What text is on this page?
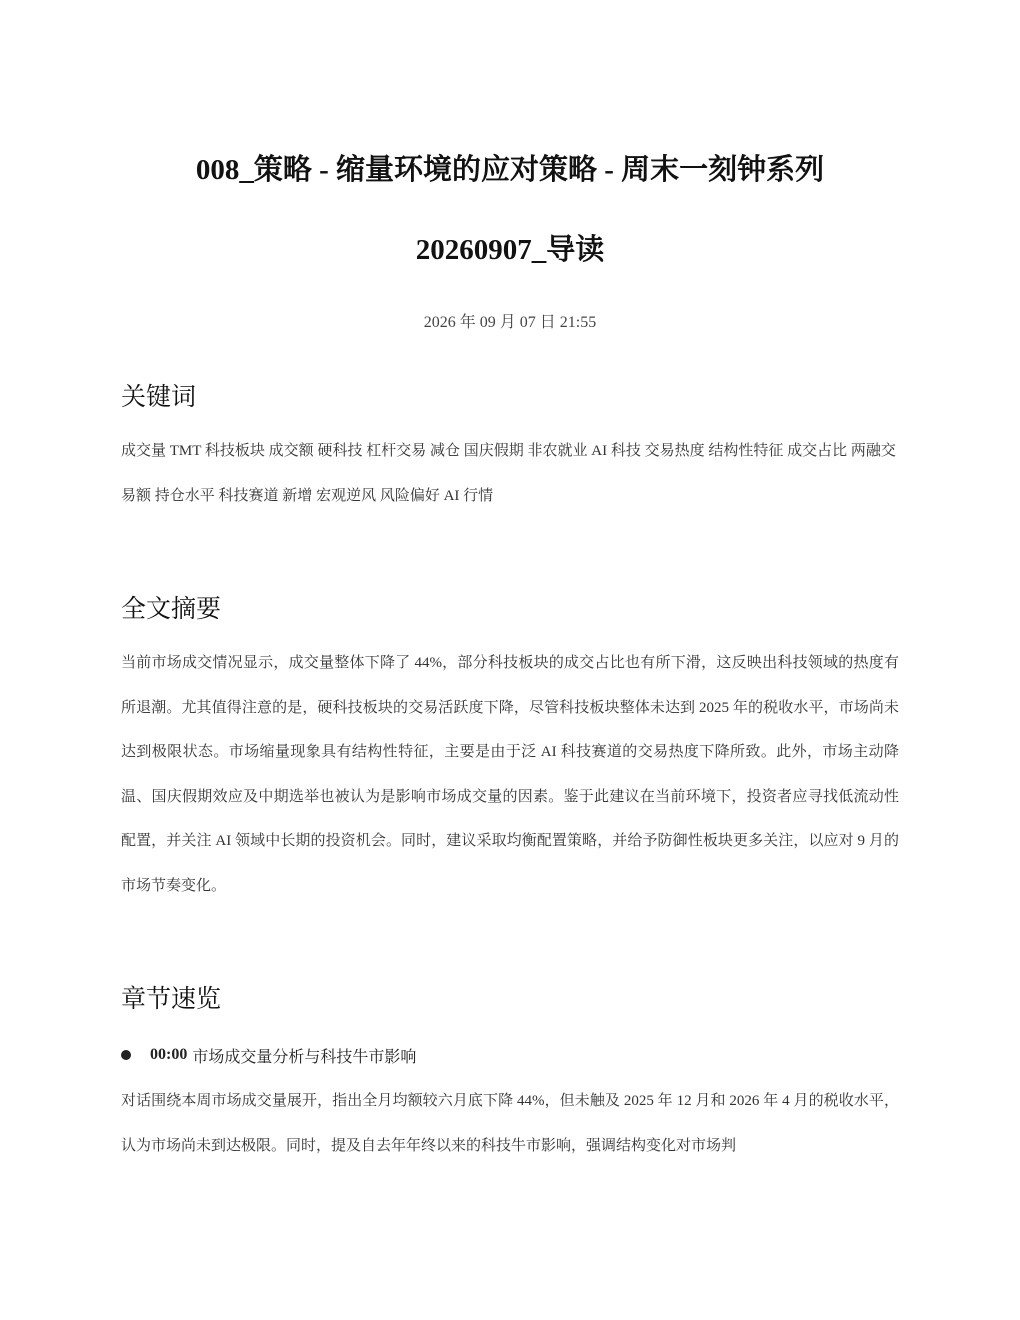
008_策略 - 缩量环境的应对策略 - 周末一刻钟系列
20260907_导读
2026 年 09 月 07 日 21:55
关键词

成交量 TMT 科技板块 成交额 硬科技 杠杆交易 减仓 国庆假期 非农就业 AI 科技 交易热度 结构性特征 成交占比 两融交易额 持仓水平 科技赛道 新增 宏观逆风 风险偏好 AI 行情

全文摘要

当前市场成交情况显示，成交量整体下降了 44%，部分科技板块的成交占比也有所下滑，这反映出科技领域的热度有所退潮。尤其值得注意的是，硬科技板块的交易活跃度下降，尽管科技板块整体未达到 2025 年的税收水平，市场尚未达到极限状态。市场缩量现象具有结构性特征，主要是由于泛 AI 科技赛道的交易热度下降所致。此外，市场主动降温、国庆假期效应及中期选举也被认为是影响市场成交量的因素。鉴于此建议在当前环境下，投资者应寻找低流动性配置，并关注 AI 领域中长期的投资机会。同时，建议采取均衡配置策略，并给予防御性板块更多关注，以应对 9 月的市场节奏变化。

章节速览
00:00 市场成交量分析与科技牛市影响

对话围绕本周市场成交量展开，指出全月均额较六月底下降 44%，但未触及 2025 年 12 月和 2026 年 4 月的税收水平，认为市场尚未到达极限。同时，提及自去年年终以来的科技牛市影响，强调结构变化对市场判
